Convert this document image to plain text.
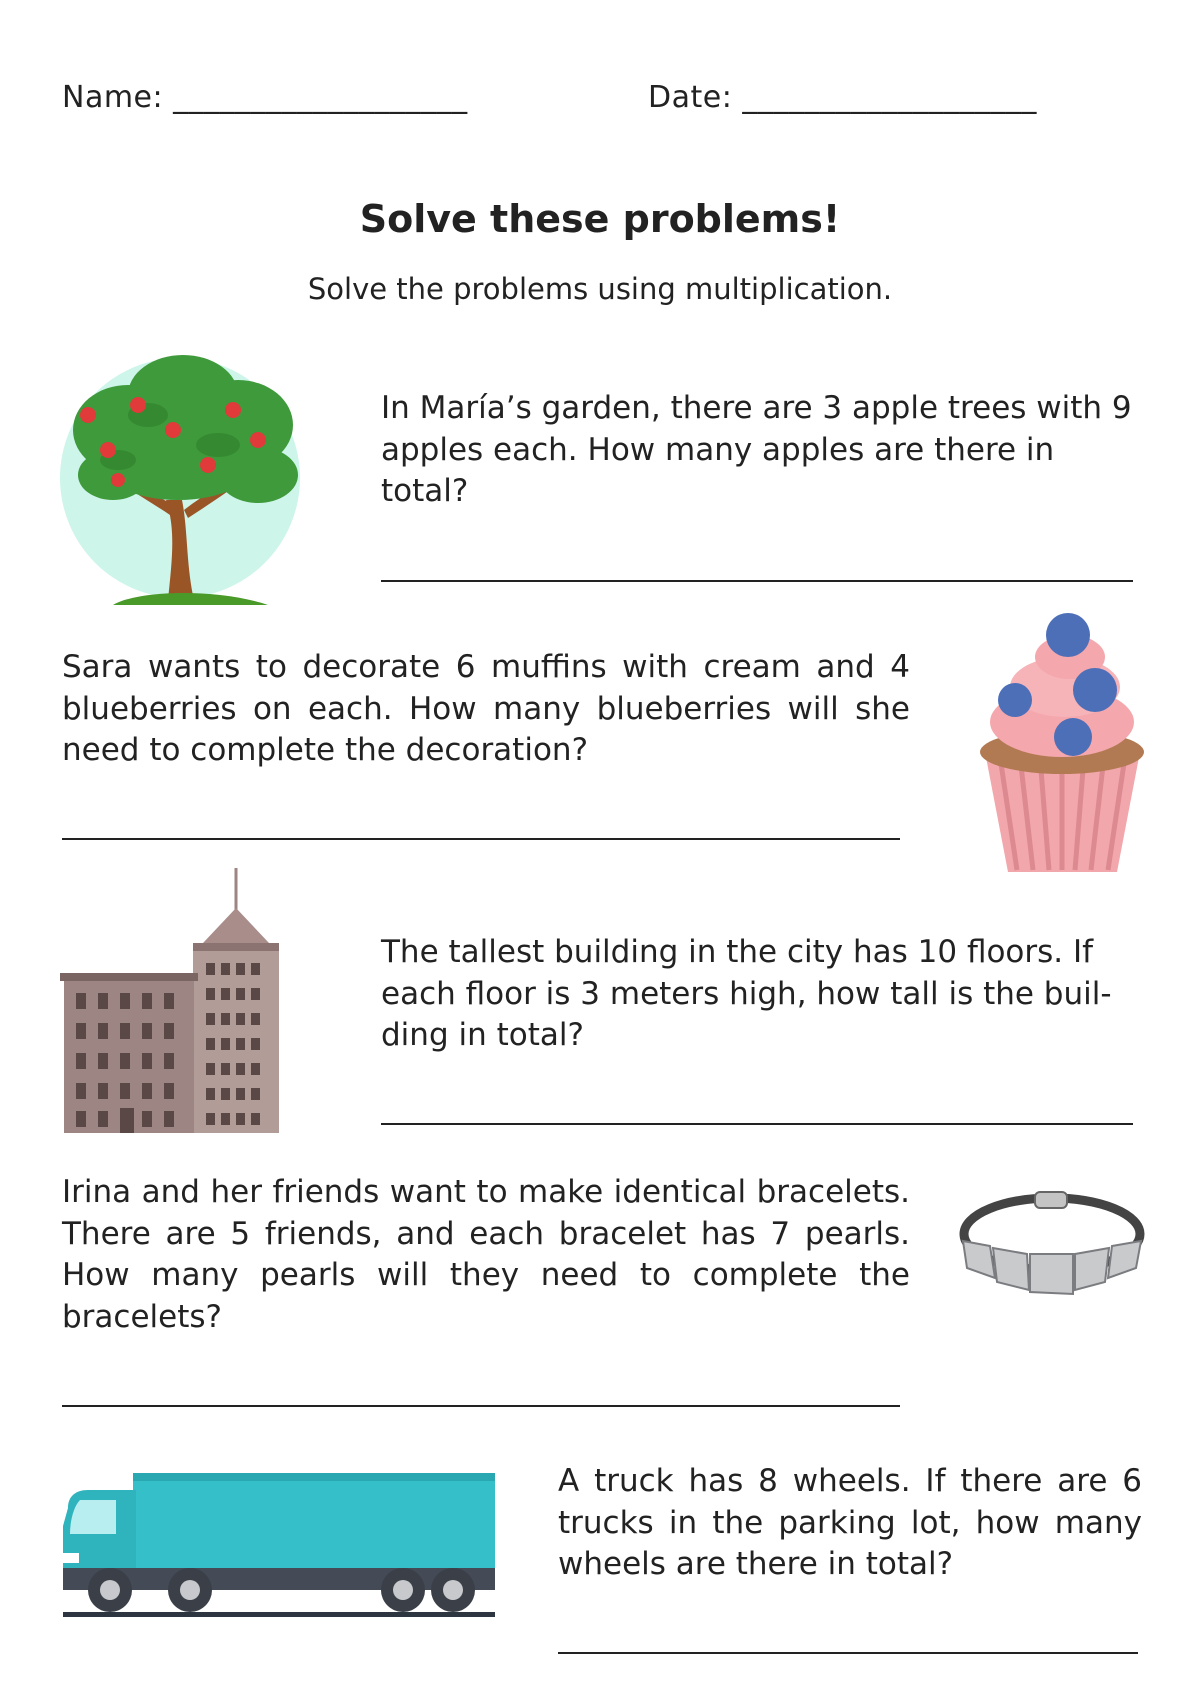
Name: ___________________	Date: ___________________
Solve these problems!
Solve the problems using multiplication.
In María’s garden, there are 3 apple trees with 9 apples each. How many apples are there in total?
Sara wants to decorate 6 muffins with cream and 4 blueberries on each. How many blueberries will she need to complete the decoration?
The tallest building in the city has 10 floors. If each floor is 3 meters high, how tall is the buil-ding in total?
Irina and her friends want to make identical bracelets. There are 5 friends, and each bracelet has 7 pearls. How many pearls will they need to complete the bracelets?
A truck has 8 wheels. If there are 6 trucks in the parking lot, how many wheels are there in total?
